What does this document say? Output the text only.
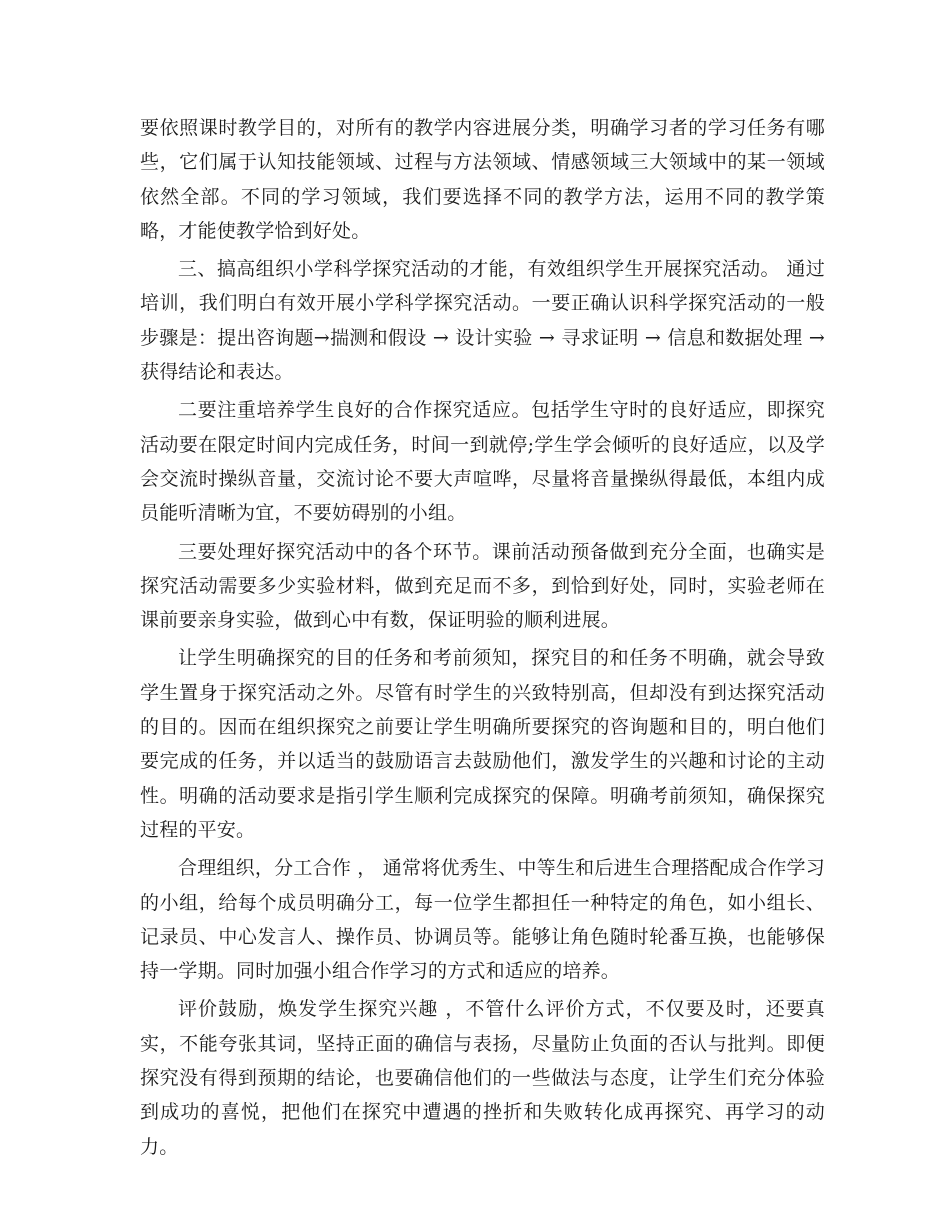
要依照课时教学目的，对所有的教学内容进展分类，明确学习者的学习任务有哪些，它们属于认知技能领域、过程与方法领域、情感领域三大领域中的某一领域依然全部。不同的学习领域，我们要选择不同的教学方法，运用不同的教学策略，才能使教学恰到好处。

三、搞高组织小学科学探究活动的才能，有效组织学生开展探究活动。 通过培训，我们明白有效开展小学科学探究活动。一要正确认识科学探究活动的一般步骤是：提出咨询题→揣测和假设 → 设计实验 → 寻求证明 → 信息和数据处理 → 获得结论和表达。

二要注重培养学生良好的合作探究适应。包括学生守时的良好适应，即探究活动要在限定时间内完成任务，时间一到就停;学生学会倾听的良好适应，以及学会交流时操纵音量，交流讨论不要大声喧哗，尽量将音量操纵得最低，本组内成员能听清晰为宜，不要妨碍别的小组。

三要处理好探究活动中的各个环节。课前活动预备做到充分全面，也确实是探究活动需要多少实验材料，做到充足而不多，到恰到好处，同时，实验老师在课前要亲身实验，做到心中有数，保证明验的顺利进展。

让学生明确探究的目的任务和考前须知，探究目的和任务不明确，就会导致学生置身于探究活动之外。尽管有时学生的兴致特别高，但却没有到达探究活动的目的。因而在组织探究之前要让学生明确所要探究的咨询题和目的，明白他们要完成的任务，并以适当的鼓励语言去鼓励他们，激发学生的兴趣和讨论的主动性。明确的活动要求是指引学生顺利完成探究的保障。明确考前须知，确保探究过程的平安。

合理组织，分工合作 ， 通常将优秀生、中等生和后进生合理搭配成合作学习的小组，给每个成员明确分工，每一位学生都担任一种特定的角色，如小组长、记录员、中心发言人、操作员、协调员等。能够让角色随时轮番互换，也能够保持一学期。同时加强小组合作学习的方式和适应的培养。

评价鼓励，焕发学生探究兴趣 ，不管什么评价方式，不仅要及时，还要真实，不能夸张其词，坚持正面的确信与表扬，尽量防止负面的否认与批判。即便探究没有得到预期的结论，也要确信他们的一些做法与态度，让学生们充分体验到成功的喜悦，把他们在探究中遭遇的挫折和失败转化成再探究、再学习的动力。
